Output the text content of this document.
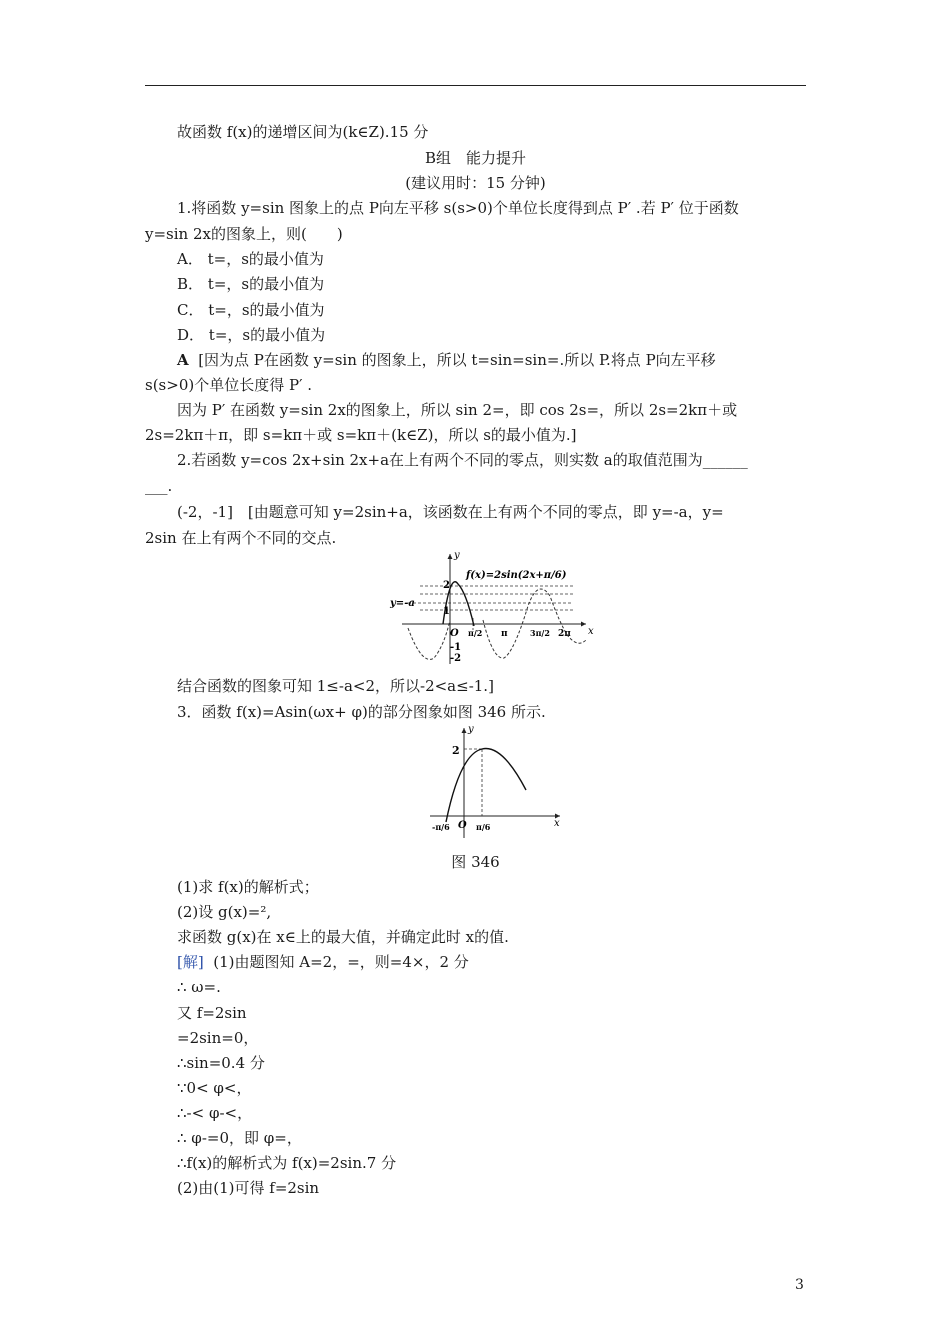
故函数 f(x)的递增区间为(k∈Z).15 分
B组　能力提升
(建议用时：15 分钟)
1.将函数 y=sin 图象上的点 P向左平移 s(s>0)个单位长度得到点 P′ .若 P′ 位于函数
y=sin 2x的图象上，则(　　)
A． t=，s的最小值为
B． t=，s的最小值为
C． t=，s的最小值为
D． t=，s的最小值为
A [因为点 P在函数 y=sin 的图象上，所以 t=sin=sin=.所以 P.将点 P向左平移
s(s>0)个单位长度得 P′ .
因为 P′ 在函数 y=sin 2x的图象上，所以 sin 2=，即 cos 2s=，所以 2s=2kπ＋或
2s=2kπ＋π，即 s=kπ＋或 s=kπ＋(k∈Z)，所以 s的最小值为.]
2.若函数 y=cos 2x+sin 2x+a在上有两个不同的零点，则实数 a的取值范围为______
___.
(-2，-1]　[由题意可知 y=2sin+a，该函数在上有两个不同的零点，即 y=-a，y=
2sin 在上有两个不同的交点.
y
x
f(x)=2sin(2x+π/6)
y=-a
2
1
O
-1
-2
π/2 π	3π/2 2π
结合函数的图象可知 1≤-a<2，所以-2<a≤-1.]
3．函数 f(x)=Asin(ωx+ φ)的部分图象如图 346 所示.
y
x
2
O
-π/6	π/6
图 346
(1)求 f(x)的解析式；
(2)设 g(x)=²,
求函数 g(x)在 x∈上的最大值，并确定此时 x的值.
[解] (1)由题图知 A=2，=，则=4×，2 分
∴ ω=.
又 f=2sin
=2sin=0，
∴sin=0.4 分
∵0< φ<，
∴-< φ-<，
∴ φ-=0，即 φ=，
∴f(x)的解析式为 f(x)=2sin.7 分
(2)由(1)可得 f=2sin
3
